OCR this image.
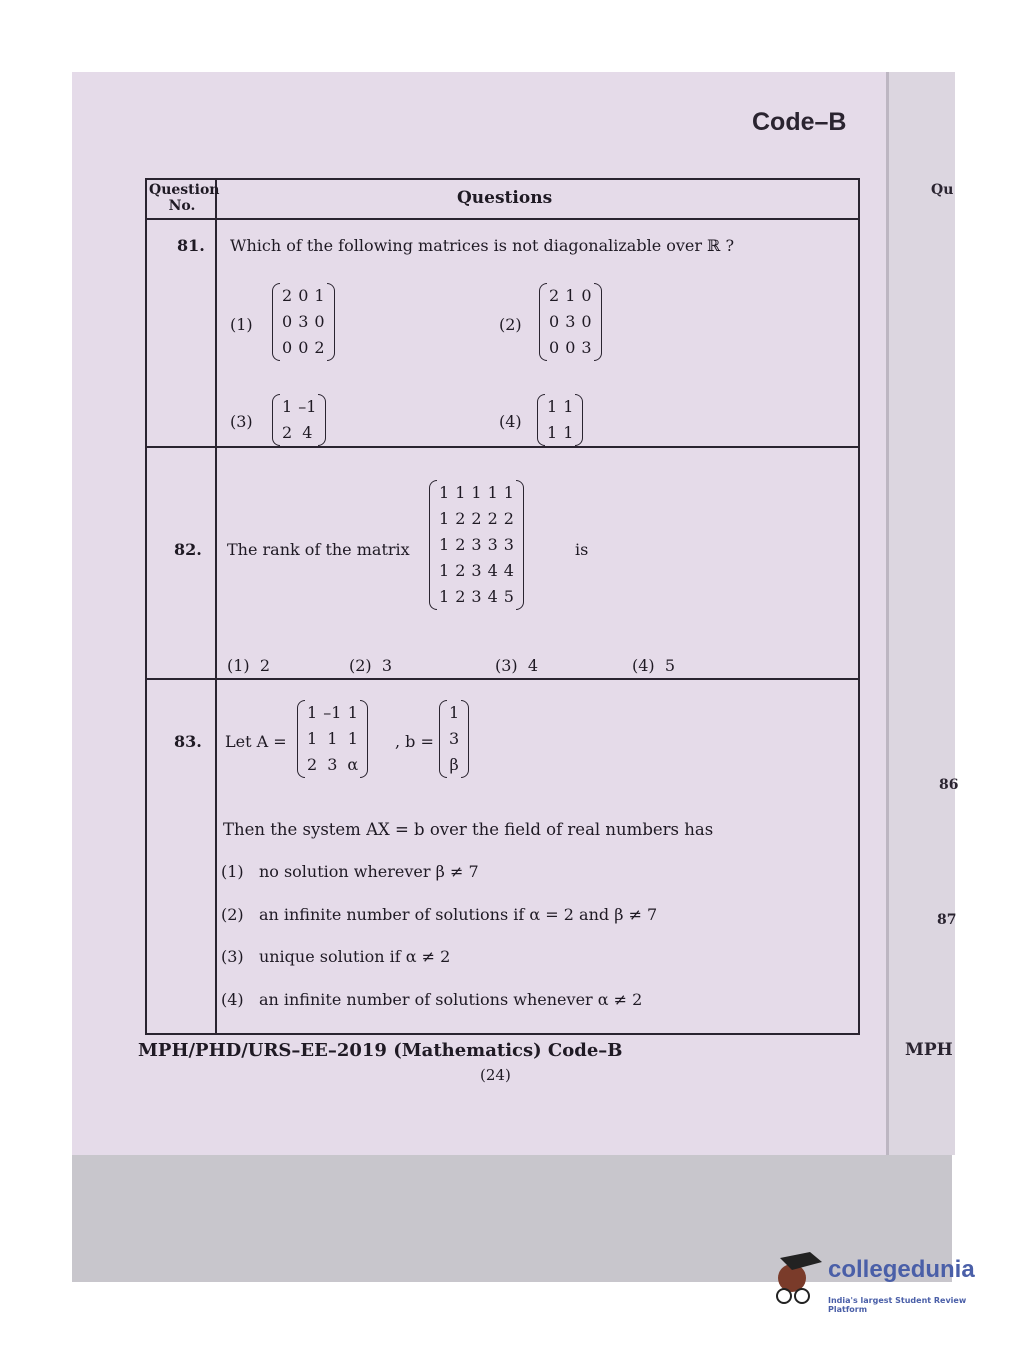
Qu
86
87
MPH
Code–B
Question No.	Questions
81. Which of the following matrices is not diagonalizable over ℝ ?
(1)
2 0 1
0 3 0
0 0 2
(2)
2 1 0
0 3 0
0 0 3
(3)
1 –1
2 4
(4)
1 1
1 1
82. The rank of the matrix
1 1 1 1 1
1 2 2 2 2
1 2 3 3 3
1 2 3 4 4
1 2 3 4 5
is
(1) 2	(2) 3	(3) 4	(4) 5
83. Let A =
1 –1 1
1 1 1
2 3 α
, b =
1
3
β
Then the system AX = b over the field of real numbers has
(1) no solution wherever β ≠ 7
(2) an infinite number of solutions if α = 2 and β ≠ 7
(3) unique solution if α ≠ 2
(4) an infinite number of solutions whenever α ≠ 2
MPH/PHD/URS–EE–2019 (Mathematics) Code–B
(24)
collegedunia
India's largest Student Review Platform
